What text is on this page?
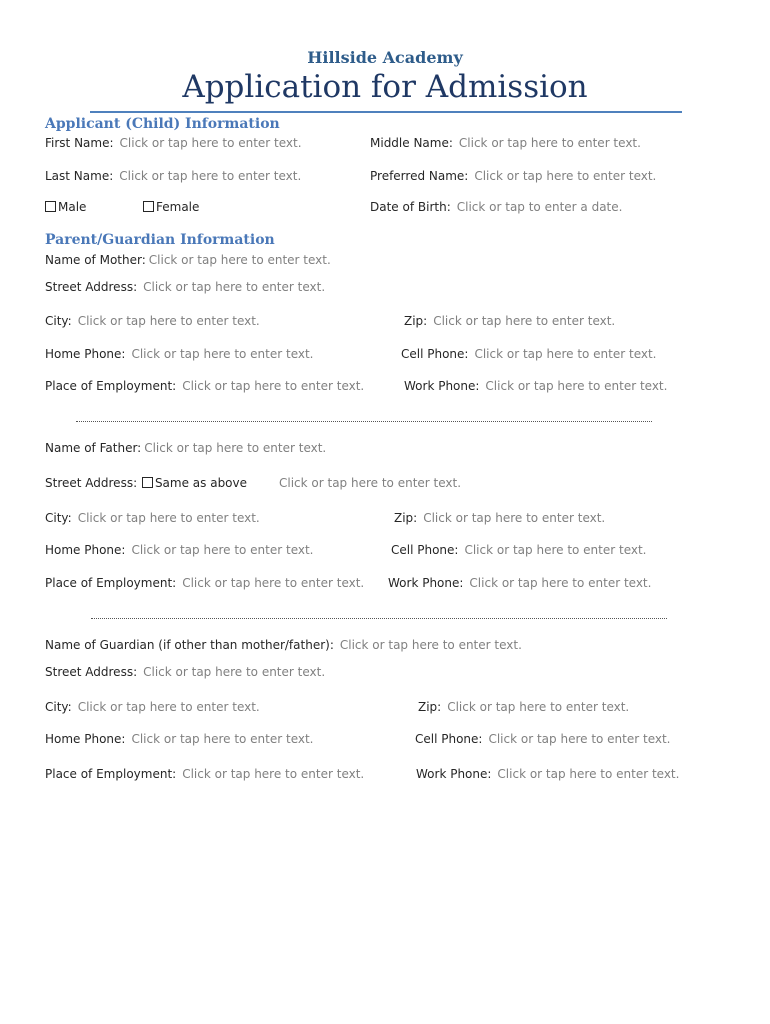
Hillside Academy
Application for Admission
Applicant (Child) Information
First Name: Click or tap here to enter text.	Middle Name: Click or tap here to enter text.
Last Name: Click or tap here to enter text.	Preferred Name: Click or tap here to enter text.
Male	Female	Date of Birth: Click or tap to enter a date.
Parent/Guardian Information
Name of Mother: Click or tap here to enter text.
Street Address: Click or tap here to enter text.
City: Click or tap here to enter text.	Zip: Click or tap here to enter text.
Home Phone: Click or tap here to enter text.	Cell Phone: Click or tap here to enter text.
Place of Employment: Click or tap here to enter text.	Work Phone: Click or tap here to enter text.
Name of Father: Click or tap here to enter text.
Street Address: Same as above	Click or tap here to enter text.
City: Click or tap here to enter text.	Zip: Click or tap here to enter text.
Home Phone: Click or tap here to enter text.	Cell Phone: Click or tap here to enter text.
Place of Employment: Click or tap here to enter text. Work Phone: Click or tap here to enter text.
Name of Guardian (if other than mother/father): Click or tap here to enter text.
Street Address: Click or tap here to enter text.
City: Click or tap here to enter text.	Zip: Click or tap here to enter text.
Home Phone: Click or tap here to enter text.	Cell Phone: Click or tap here to enter text.
Place of Employment: Click or tap here to enter text.	Work Phone: Click or tap here to enter text.
